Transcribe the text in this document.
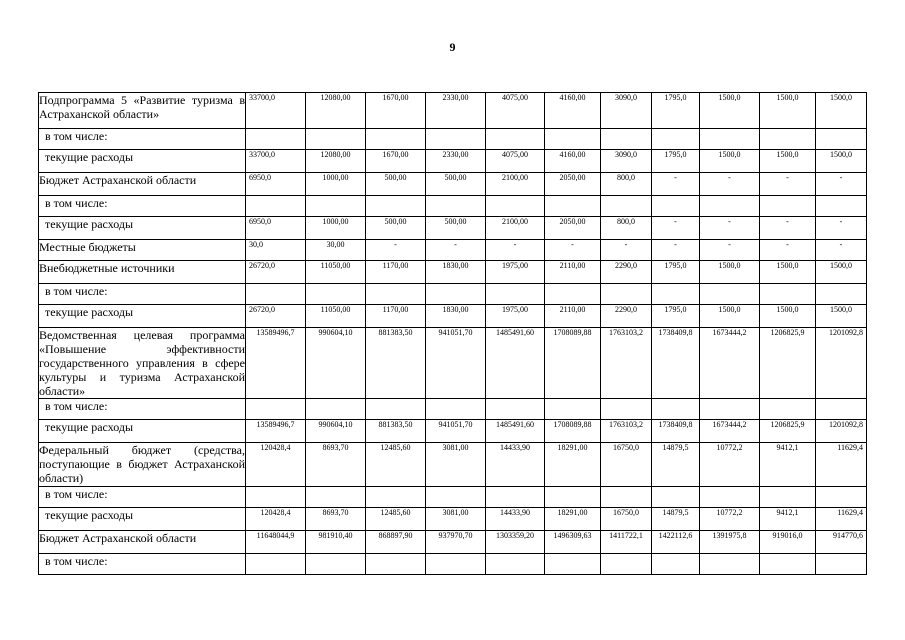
9
Подпрограмма 5 «Развитие туризма в Астраханской области»	33700,0	12080,00	1670,00	2330,00	4075,00	4160,00	3090,0	1795,0	1500,0	1500,0	1500,0
в том числе:											
текущие расходы	33700,0	12080,00	1670,00	2330,00	4075,00	4160,00	3090,0	1795,0	1500,0	1500,0	1500,0
Бюджет Астраханской области	6950,0	1000,00	500,00	500,00	2100,00	2050,00	800,0	-	-	-	-
в том числе:											
текущие расходы	6950,0	1000,00	500,00	500,00	2100,00	2050,00	800,0	-	-	-	-
Местные бюджеты	30,0	30,00	-	-	-	-	-	-	-	-	-
Внебюджетные источники	26720,0	11050,00	1170,00	1830,00	1975,00	2110,00	2290,0	1795,0	1500,0	1500,0	1500,0
в том числе:											
текущие расходы	26720,0	11050,00	1170,00	1830,00	1975,00	2110,00	2290,0	1795,0	1500,0	1500,0	1500,0
Ведомственная целевая программа «Повышение эффективности государственного управления в сфере культуры и туризма Астраханской области»	13589496,7	990604,10	881383,50	941051,70	1485491,60	1708089,88	1763103,2	1738409,8	1673444,2	1206825,9	1201092,8
в том числе:											
текущие расходы	13589496,7	990604,10	881383,50	941051,70	1485491,60	1708089,88	1763103,2	1738409,8	1673444,2	1206825,9	1201092,8
Федеральный бюджет (средства, поступающие в бюджет Астраханской области)	120428,4	8693,70	12485,60	3081,00	14433,90	18291,00	16750,0	14879,5	10772,2	9412,1	11629,4
в том числе:											
текущие расходы	120428,4	8693,70	12485,60	3081,00	14433,90	18291,00	16750,0	14879,5	10772,2	9412,1	11629,4
Бюджет Астраханской области	11648044,9	981910,40	868897,90	937970,70	1303359,20	1496309,63	1411722,1	1422112,6	1391975,8	919016,0	914770,6
в том числе:											
